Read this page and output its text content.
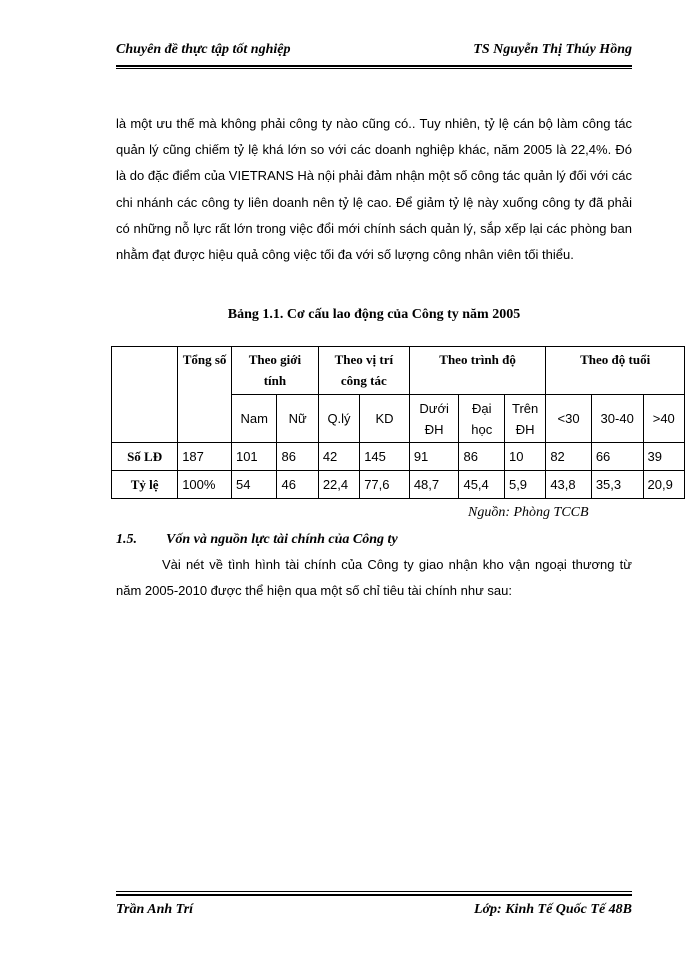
Chuyên đề thực tập tốt nghiệp	TS Nguyễn Thị Thúy Hồng
là một ưu thế mà không phải công ty nào cũng có.. Tuy nhiên, tỷ lệ cán bộ làm công tác quản lý cũng chiếm tỷ lệ khá lớn so với các doanh nghiệp khác, năm 2005 là 22,4%. Đó là do đặc điểm của VIETRANS Hà nội phải đảm nhận một số công tác quản lý đối với các chi nhánh các công ty liên doanh nên tỷ lệ cao. Để giảm tỷ lệ này xuống công ty đã phải có những nỗ lực rất lớn trong việc đổi mới chính sách quản lý, sắp xếp lại các phòng ban nhằm đạt được hiệu quả công việc tối đa với số lượng công nhân viên tối thiểu.
Bảng 1.1. Cơ cấu lao động của Công ty năm 2005
	Tổng số	Theo giới tính		Theo vị trí công tác		Theo trình độ			Theo độ tuổi		
		Nam	Nữ	Q.lý	KD	Dưới ĐH	Đại học	Trên ĐH	<30	30-40	>40
Số LĐ	187	101	86	42	145	91	86	10	82	66	39
Tỷ lệ	100%	54	46	22,4	77,6	48,7	45,4	5,9	43,8	35,3	20,9
Nguồn: Phòng TCCB
1.5. Vốn và nguồn lực tài chính của Công ty
Vài nét về tình hình tài chính của Công ty giao nhận kho vận ngoại thương từ năm 2005-2010 được thể hiện qua một số chỉ tiêu tài chính như sau:
Trần Anh Trí	Lớp: Kinh Tế Quốc Tế 48B
